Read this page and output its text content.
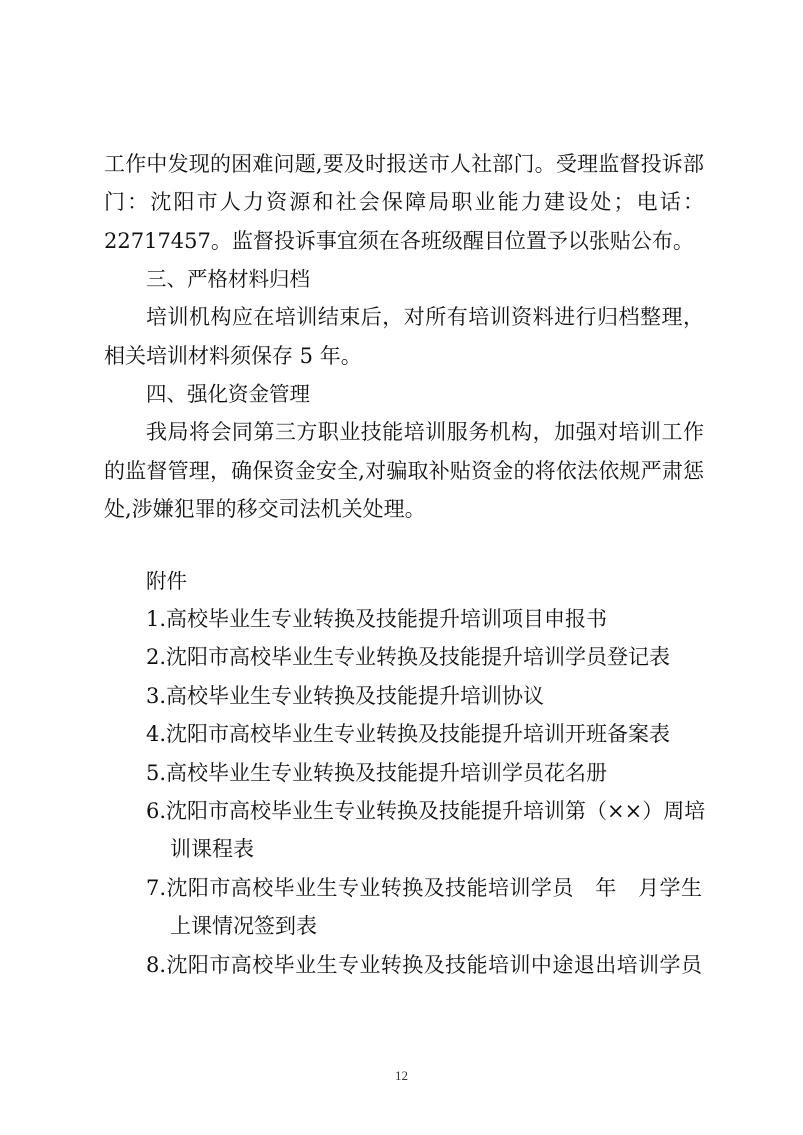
工作中发现的困难问题,要及时报送市人社部门。受理监督投诉部
门：沈阳市人力资源和社会保障局职业能力建设处；电话：
22717457。监督投诉事宜须在各班级醒目位置予以张贴公布。
三、严格材料归档
培训机构应在培训结束后，对所有培训资料进行归档整理，
相关培训材料须保存 5 年。
四、强化资金管理
我局将会同第三方职业技能培训服务机构，加强对培训工作
的监督管理，确保资金安全,对骗取补贴资金的将依法依规严肃惩
处,涉嫌犯罪的移交司法机关处理。
附件
1.高校毕业生专业转换及技能提升培训项目申报书
2.沈阳市高校毕业生专业转换及技能提升培训学员登记表
3.高校毕业生专业转换及技能提升培训协议
4.沈阳市高校毕业生专业转换及技能提升培训开班备案表
5.高校毕业生专业转换及技能提升培训学员花名册
6.沈阳市高校毕业生专业转换及技能提升培训第（××）周培
训课程表
7.沈阳市高校毕业生专业转换及技能培训学员　年　月学生
上课情况签到表
8.沈阳市高校毕业生专业转换及技能培训中途退出培训学员
12
